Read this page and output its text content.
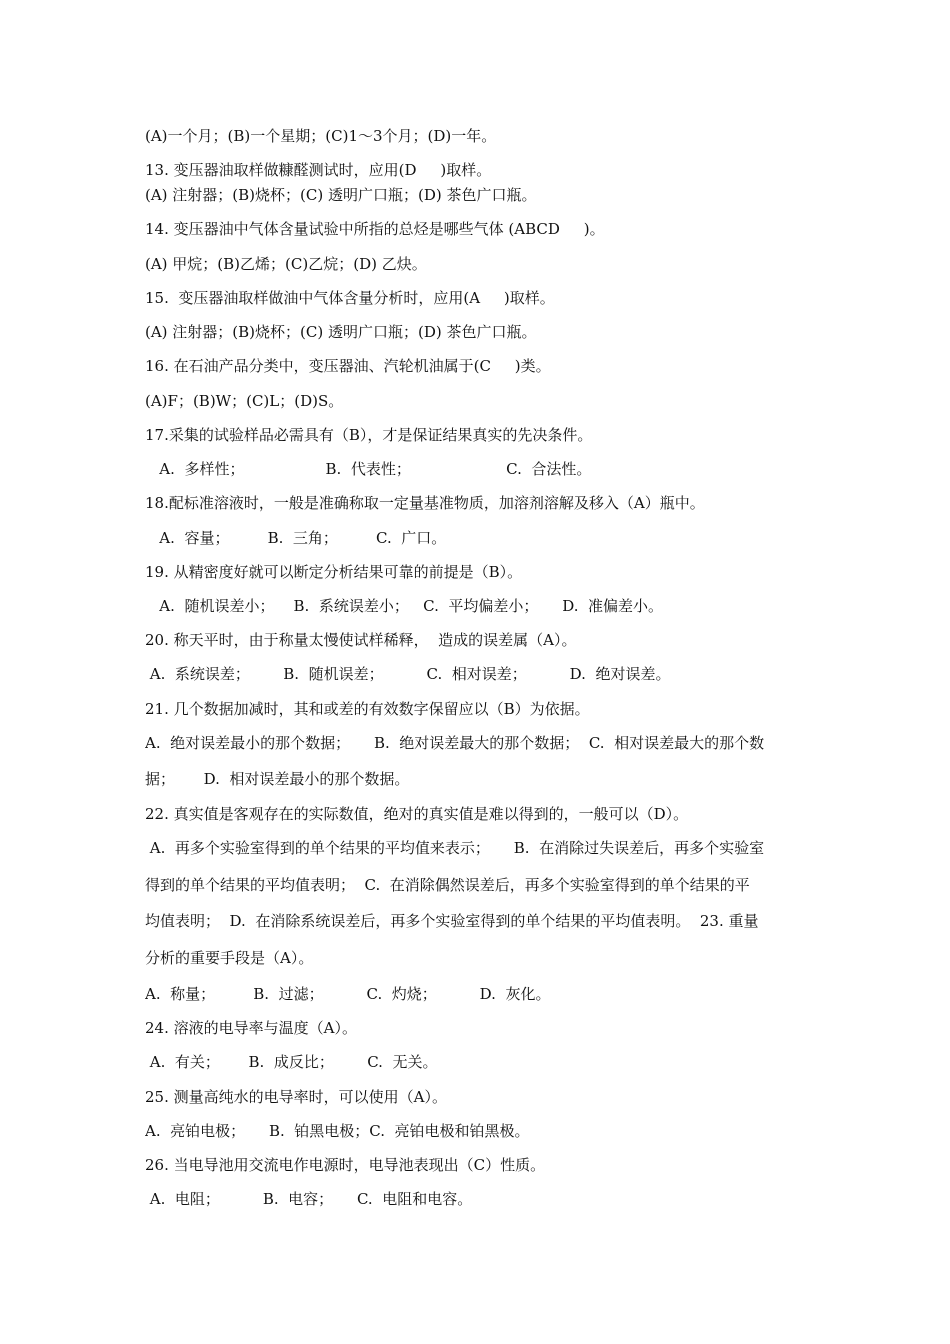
(A)一个月；(B)一个星期；(C)1～3个月；(D)一年。
13. 变压器油取样做糠醛测试时，应用(D     )取样。
(A) 注射器；(B)烧杯；(C) 透明广口瓶；(D) 茶色广口瓶。
14. 变压器油中气体含量试验中所指的总烃是哪些气体 (ABCD     )。
(A) 甲烷；(B)乙烯；(C)乙烷；(D) 乙炔。
15.  变压器油取样做油中气体含量分析时，应用(A     )取样。
(A) 注射器；(B)烧杯；(C) 透明广口瓶；(D) 茶色广口瓶。
16. 在石油产品分类中，变压器油、汽轮机油属于(C     )类。
(A)F；(B)W；(C)L；(D)S。
17.采集的试验样品必需具有（B），才是保证结果真实的先决条件。
A.  多样性；                 B.  代表性；                    C.  合法性。
18.配标准溶液时，一般是准确称取一定量基准物质，加溶剂溶解及移入（A）瓶中。
A.  容量；        B.  三角；        C.  广口。
19. 从精密度好就可以断定分析结果可靠的前提是（B）。
A.  随机误差小；    B.  系统误差小；   C.  平均偏差小；     D.  准偏差小。
20. 称天平时，由于称量太慢使试样稀释，  造成的误差属（A）。
A.  系统误差；       B.  随机误差；         C.  相对误差；         D.  绝对误差。
21. 几个数据加减时，其和或差的有效数字保留应以（B）为依据。
A.  绝对误差最小的那个数据；     B.  绝对误差最大的那个数据；  C.  相对误差最大的那个数
据；      D.  相对误差最小的那个数据。
22. 真实值是客观存在的实际数值，绝对的真实值是难以得到的，一般可以（D）。
A.  再多个实验室得到的单个结果的平均值来表示；     B.  在消除过失误差后，再多个实验室
得到的单个结果的平均值表明；  C.  在消除偶然误差后，再多个实验室得到的单个结果的平
均值表明；  D.  在消除系统误差后，再多个实验室得到的单个结果的平均值表明。  23. 重量
分析的重要手段是（A）。
A.  称量；        B.  过滤；         C.  灼烧；         D.  灰化。
24. 溶液的电导率与温度（A）。
A.  有关；      B.  成反比；       C.  无关。
25. 测量高纯水的电导率时，可以使用（A）。
A.  亮铂电极；     B.  铂黑电极；C.  亮铂电极和铂黑极。
26. 当电导池用交流电作电源时，电导池表现出（C）性质。
A.  电阻；         B.  电容；     C.  电阻和电容。
